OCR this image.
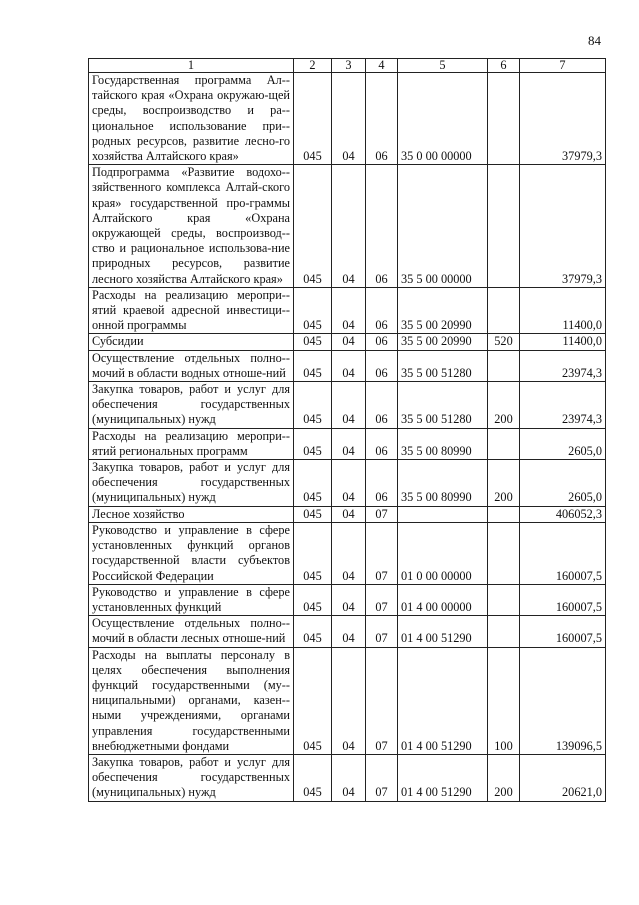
84
1	2	3	4	5	6	7
Государственная программа Ал-тайского края «Охрана окружаю-щей среды, воспроизводство и ра-циональное использование при-родных ресурсов, развитие лесно-го хозяйства Алтайского края»	045	04	06	35 0 00 00000		37979,3
Подпрограмма «Развитие водохо-зяйственного комплекса Алтай-ского края» государственной про-граммы Алтайского края «Охрана окружающей среды, воспроизвод-ство и рациональное использова-ние природных ресурсов, развитие лесного хозяйства Алтайского края»	045	04	06	35 5 00 00000		37979,3
Расходы на реализацию меропри-ятий краевой адресной инвестици-онной программы	045	04	06	35 5 00 20990		11400,0
Субсидии	045	04	06	35 5 00 20990	520	11400,0
Осуществление отдельных полно-мочий в области водных отноше-ний	045	04	06	35 5 00 51280		23974,3
Закупка товаров, работ и услуг для обеспечения государственных (муниципальных) нужд	045	04	06	35 5 00 51280	200	23974,3
Расходы на реализацию меропри-ятий региональных программ	045	04	06	35 5 00 80990		2605,0
Закупка товаров, работ и услуг для обеспечения государственных (муниципальных) нужд	045	04	06	35 5 00 80990	200	2605,0
Лесное хозяйство	045	04	07			406052,3
Руководство и управление в сфере установленных функций органов государственной власти субъектов Российской Федерации	045	04	07	01 0 00 00000		160007,5
Руководство и управление в сфере установленных функций	045	04	07	01 4 00 00000		160007,5
Осуществление отдельных полно-мочий в области лесных отноше-ний	045	04	07	01 4 00 51290		160007,5
Расходы на выплаты персоналу в целях обеспечения выполнения функций государственными (му-ниципальными) органами, казен-ными учреждениями, органами управления государственными внебюджетными фондами	045	04	07	01 4 00 51290	100	139096,5
Закупка товаров, работ и услуг для обеспечения государственных (муниципальных) нужд	045	04	07	01 4 00 51290	200	20621,0
